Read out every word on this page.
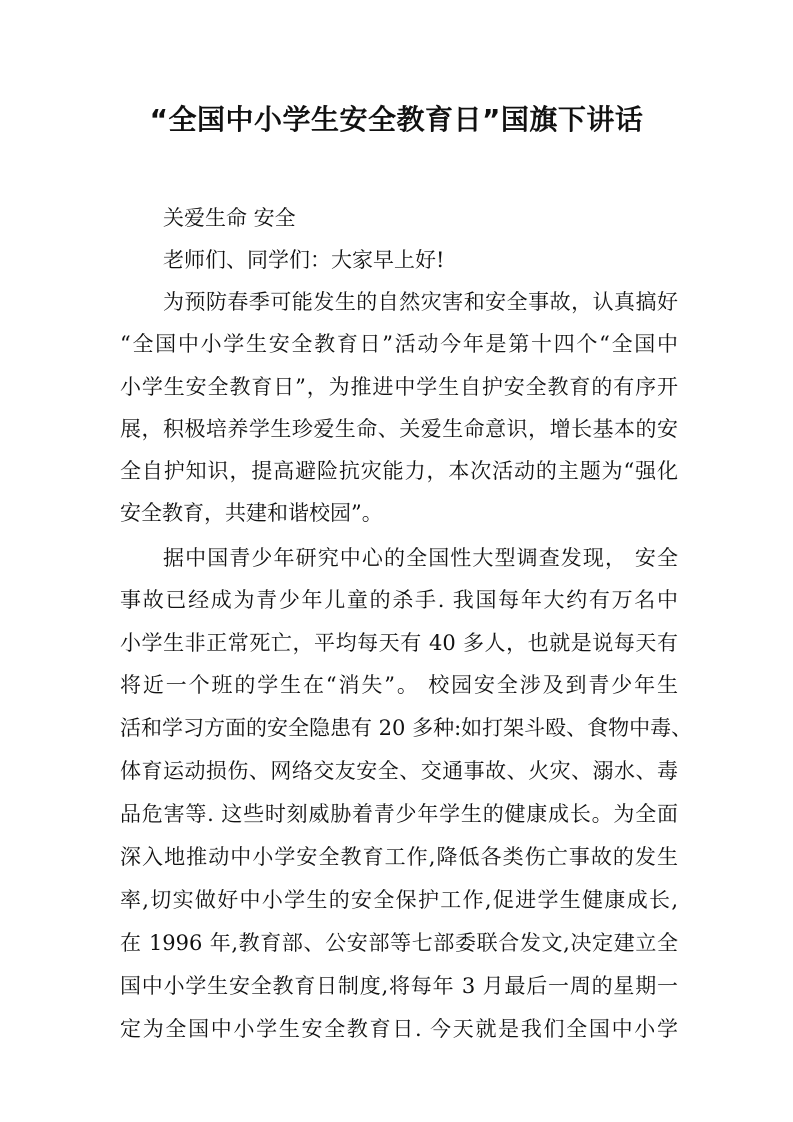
“全国中小学生安全教育日”国旗下讲话
关爱生命 安全
老师们、同学们：大家早上好!
为预防春季可能发生的自然灾害和安全事故，认真搞好
“全国中小学生安全教育日”活动今年是第十四个“全国中
小学生安全教育日”，为推进中学生自护安全教育的有序开
展，积极培养学生珍爱生命、关爱生命意识，增长基本的安
全自护知识，提高避险抗灾能力，本次活动的主题为“强化
安全教育，共建和谐校园”。
据中国青少年研究中心的全国性大型调查发现， 安全
事故已经成为青少年儿童的杀手. 我国每年大约有万名中
小学生非正常死亡，平均每天有 40 多人，也就是说每天有
将近一个班的学生在“消失”。 校园安全涉及到青少年生
活和学习方面的安全隐患有 20 多种:如打架斗殴、食物中毒、
体育运动损伤、网络交友安全、交通事故、火灾、溺水、毒
品危害等. 这些时刻威胁着青少年学生的健康成长。为全面
深入地推动中小学安全教育工作,降低各类伤亡事故的发生
率,切实做好中小学生的安全保护工作,促进学生健康成长,
在 1996 年,教育部、公安部等七部委联合发文,决定建立全
国中小学生安全教育日制度,将每年 3 月最后一周的星期一
定为全国中小学生安全教育日. 今天就是我们全国中小学
